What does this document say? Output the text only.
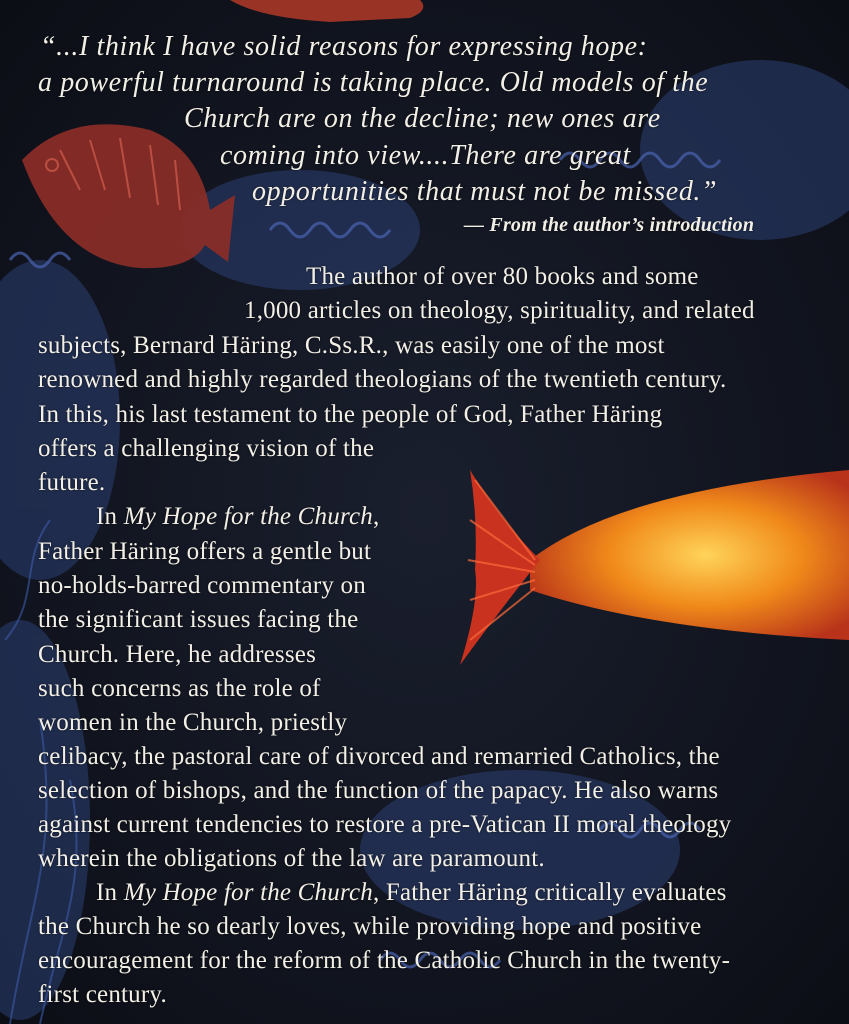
“...I think I have solid reasons for expressing hope:
a powerful turnaround is taking place. Old models of the
Church are on the decline; new ones are
coming into view....There are great
opportunities that must not be missed.”
— From the author’s introduction
The author of over 80 books and some
1,000 articles on theology, spirituality, and related
subjects, Bernard Häring, C.Ss.R., was easily one of the most
renowned and highly regarded theologians of the twentieth century.
In this, his last testament to the people of God, Father Häring
offers a challenging vision of the
future.
In My Hope for the Church,
Father Häring offers a gentle but
no-holds-barred commentary on
the significant issues facing the
Church. Here, he addresses
such concerns as the role of
women in the Church, priestly
celibacy, the pastoral care of divorced and remarried Catholics, the
selection of bishops, and the function of the papacy. He also warns
against current tendencies to restore a pre-Vatican II moral theology
wherein the obligations of the law are paramount.
In My Hope for the Church, Father Häring critically evaluates
the Church he so dearly loves, while providing hope and positive
encouragement for the reform of the Catholic Church in the twenty-
first century.
